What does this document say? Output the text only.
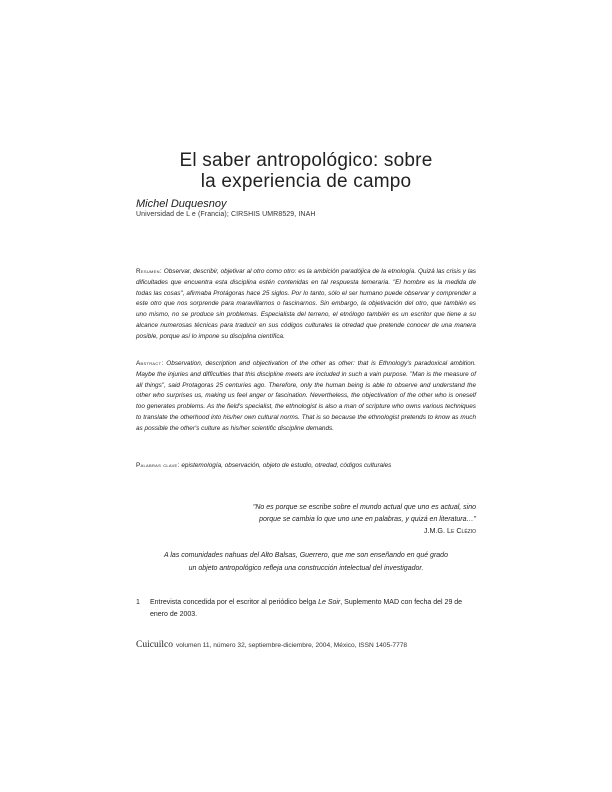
El saber antropológico: sobre
la experiencia de campo
Michel Duquesnoy
Universidad de L e (Francia); CIRSHIS UMR8529, INAH

Resumen: Observar, describir, objetivar al otro como otro: es la ambición paradójica de la etnología. Quizá las crisis y las dificultades que encuentra esta disciplina estén contenidas en tal respuesta temeraria. "El hombre es la medida de todas las cosas", afirmaba Protágoras hace 25 siglos. Por lo tanto, sólo el ser humano puede observar y comprender a este otro que nos sorprende para maravillarnos o fascinarnos. Sin embargo, la objetivación del otro, que también es uno mismo, no se produce sin problemas. Especialista del terreno, el etnólogo también es un escritor que tiene a su alcance numerosas técnicas para traducir en sus códigos culturales la otredad que pretende conocer de una manera posible, porque así lo impone su disciplina científica.

Abstract: Observation, description and objectivation of the other as other: that is Ethnology's paradoxical ambition. Maybe the injuries and difficulties that this discipline meets are included in such a vain purpose. "Man is the measure of all things", said Protagoras 25 centuries ago. Therefore, only the human being is able to observe and understand the other who surprises us, making us feel anger or fascination. Nevertheless, the objectivation of the other who is oneself too generates problems. As the field's specialist, the ethnologist is also a man of scripture who owns various techniques to translate the otherhood into his/her own cultural norms. That is so because the ethnologist pretends to know as much as possible the other's culture as his/her scientific discipline demands.

Palabras clave: epistemología, observación, objeto de estudio, otredad, códigos culturales

"No es porque se escribe sobre el mundo actual que uno es actual, sino
porque se cambia lo que uno une en palabras, y quizá en literatura…"

J.M.G. Le Clézio

A las comunidades nahuas del Alto Balsas, Guerrero, que me son enseñando en qué grado
un objeto antropológico refleja una construcción intelectual del investigador.

1	Entrevista concedida por el escritor al periódico belga Le Soir, Suplemento MAD con fecha del 29 de enero de 2003.
Cuicuilco volumen 11, número 32, septiembre-diciembre, 2004, México, ISSN 1405-7778
